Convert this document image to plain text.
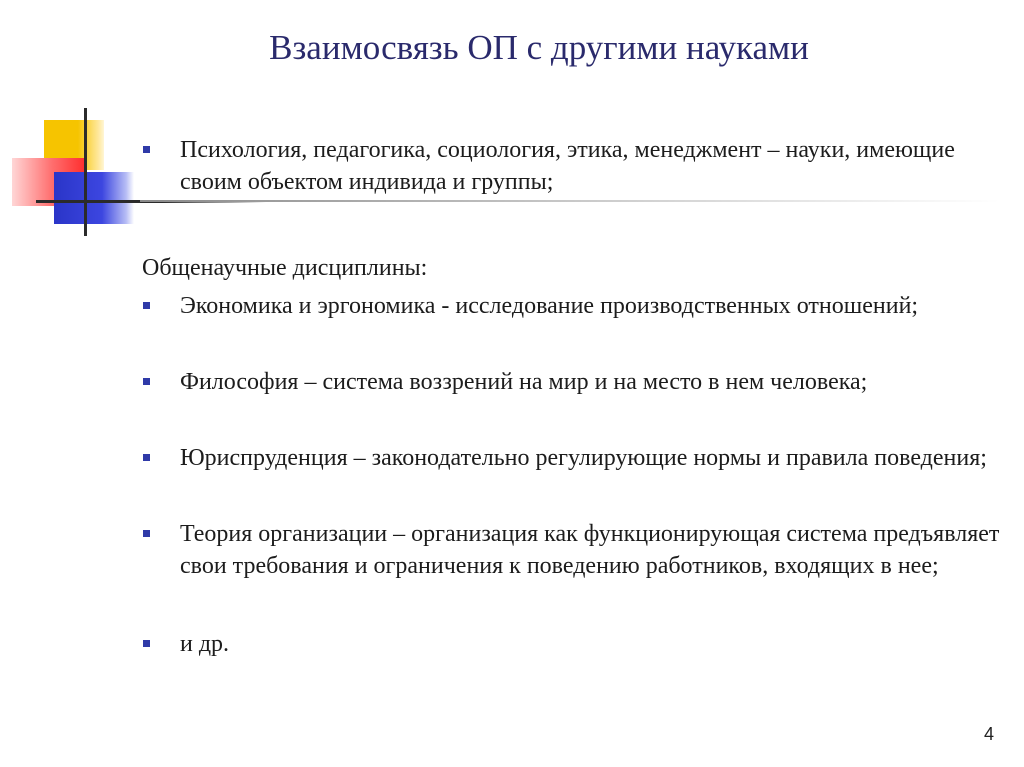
Взаимосвязь ОП с другими науками
Психология, педагогика, социология, этика, менеджмент – науки, имеющие своим объектом индивида и группы;
Общенаучные дисциплины:
Экономика и эргономика - исследование производственных отношений;
Философия – система воззрений на мир и на место в нем человека;
Юриспруденция – законодательно регулирующие нормы и правила поведения;
Теория организации – организация как функционирующая система предъявляет свои требования и ограничения к поведению работников, входящих в нее;
и др.
4
